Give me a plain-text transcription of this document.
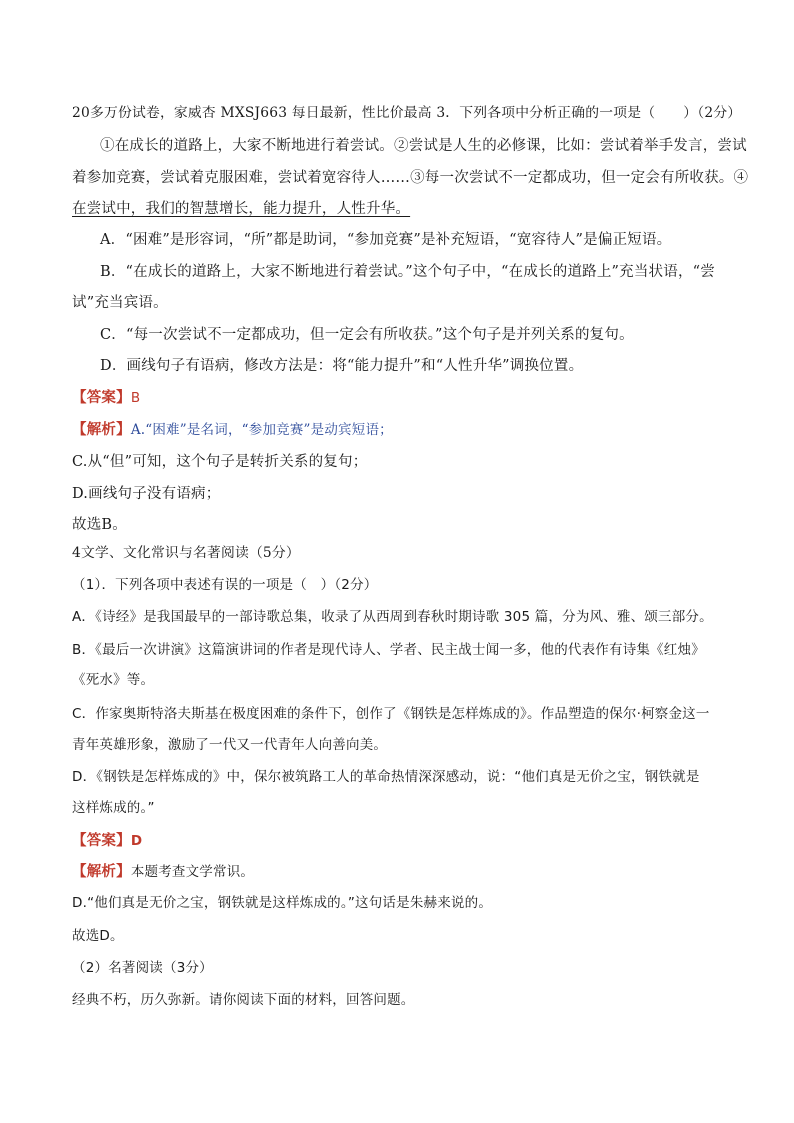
20多万份试卷，家威杏 MXSJ663 每日最新，性比价最高 3．下列各项中分析正确的一项是（　　）（2分）
①在成长的道路上，大家不断地进行着尝试。②尝试是人生的必修课，比如：尝试着举手发言，尝试
着参加竞赛，尝试着克服困难，尝试着宽容待人……③每一次尝试不一定都成功，但一定会有所收获。④
在尝试中，我们的智慧增长，能力提升，人性升华。
A．“困难”是形容词，“所”都是助词，“参加竞赛”是补充短语，“宽容待人”是偏正短语。
B．“在成长的道路上，大家不断地进行着尝试。”这个句子中，“在成长的道路上”充当状语，“尝
试”充当宾语。
C．“每一次尝试不一定都成功，但一定会有所收获。”这个句子是并列关系的复句。
D．画线句子有语病，修改方法是：将“能力提升”和“人性升华”调换位置。
【答案】B
【解析】A.“困难”是名词，“参加竞赛”是动宾短语；
C.从“但”可知，这个句子是转折关系的复句；
D.画线句子没有语病；
故选B。
4文学、文化常识与名著阅读（5分）
（1）．下列各项中表述有误的一项是（　）（2分）
A．《诗经》是我国最早的一部诗歌总集，收录了从西周到春秋时期诗歌 305 篇，分为风、雅、颂三部分。
B．《最后一次讲演》这篇演讲词的作者是现代诗人、学者、民主战士闻一多，他的代表作有诗集《红烛》
《死水》等。
C．作家奥斯特洛夫斯基在极度困难的条件下，创作了《钢铁是怎样炼成的》。作品塑造的保尔·柯察金这一
青年英雄形象，激励了一代又一代青年人向善向美。
D．《钢铁是怎样炼成的》中，保尔被筑路工人的革命热情深深感动，说：“他们真是无价之宝，钢铁就是
这样炼成的。”
【答案】D
【解析】本题考查文学常识。
D.“他们真是无价之宝，钢铁就是这样炼成的。”这句话是朱赫来说的。
故选D。
（2）名著阅读（3分）
经典不朽，历久弥新。请你阅读下面的材料，回答问题。
